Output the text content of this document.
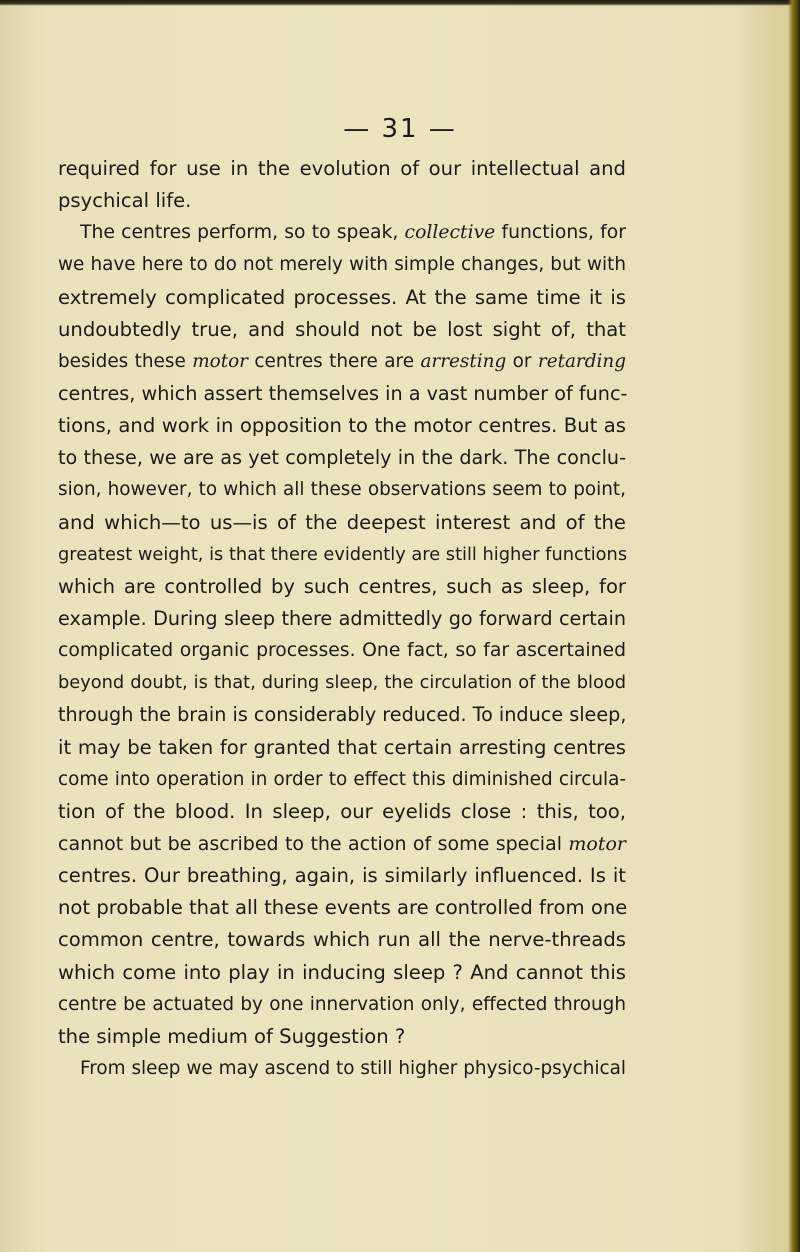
— 31 —
required for use in the evolution of our intellectual and
psychical life.
The centres perform, so to speak, collective functions, for
we have here to do not merely with simple changes, but with
extremely complicated processes. At the same time it is
undoubtedly true, and should not be lost sight of, that
besides these motor centres there are arresting or retarding
centres, which assert themselves in a vast number of func-
tions, and work in opposition to the motor centres. But as
to these, we are as yet completely in the dark. The conclu-
sion, however, to which all these observations seem to point,
and which—to us—is of the deepest interest and of the
greatest weight, is that there evidently are still higher functions
which are controlled by such centres, such as sleep, for
example. During sleep there admittedly go forward certain
complicated organic processes. One fact, so far ascertained
beyond doubt, is that, during sleep, the circulation of the blood
through the brain is considerably reduced. To induce sleep,
it may be taken for granted that certain arresting centres
come into operation in order to effect this diminished circula-
tion of the blood. In sleep, our eyelids close : this, too,
cannot but be ascribed to the action of some special motor
centres. Our breathing, again, is similarly influenced. Is it
not probable that all these events are controlled from one
common centre, towards which run all the nerve-threads
which come into play in inducing sleep ? And cannot this
centre be actuated by one innervation only, effected through
the simple medium of Suggestion ?
From sleep we may ascend to still higher physico-psychical
